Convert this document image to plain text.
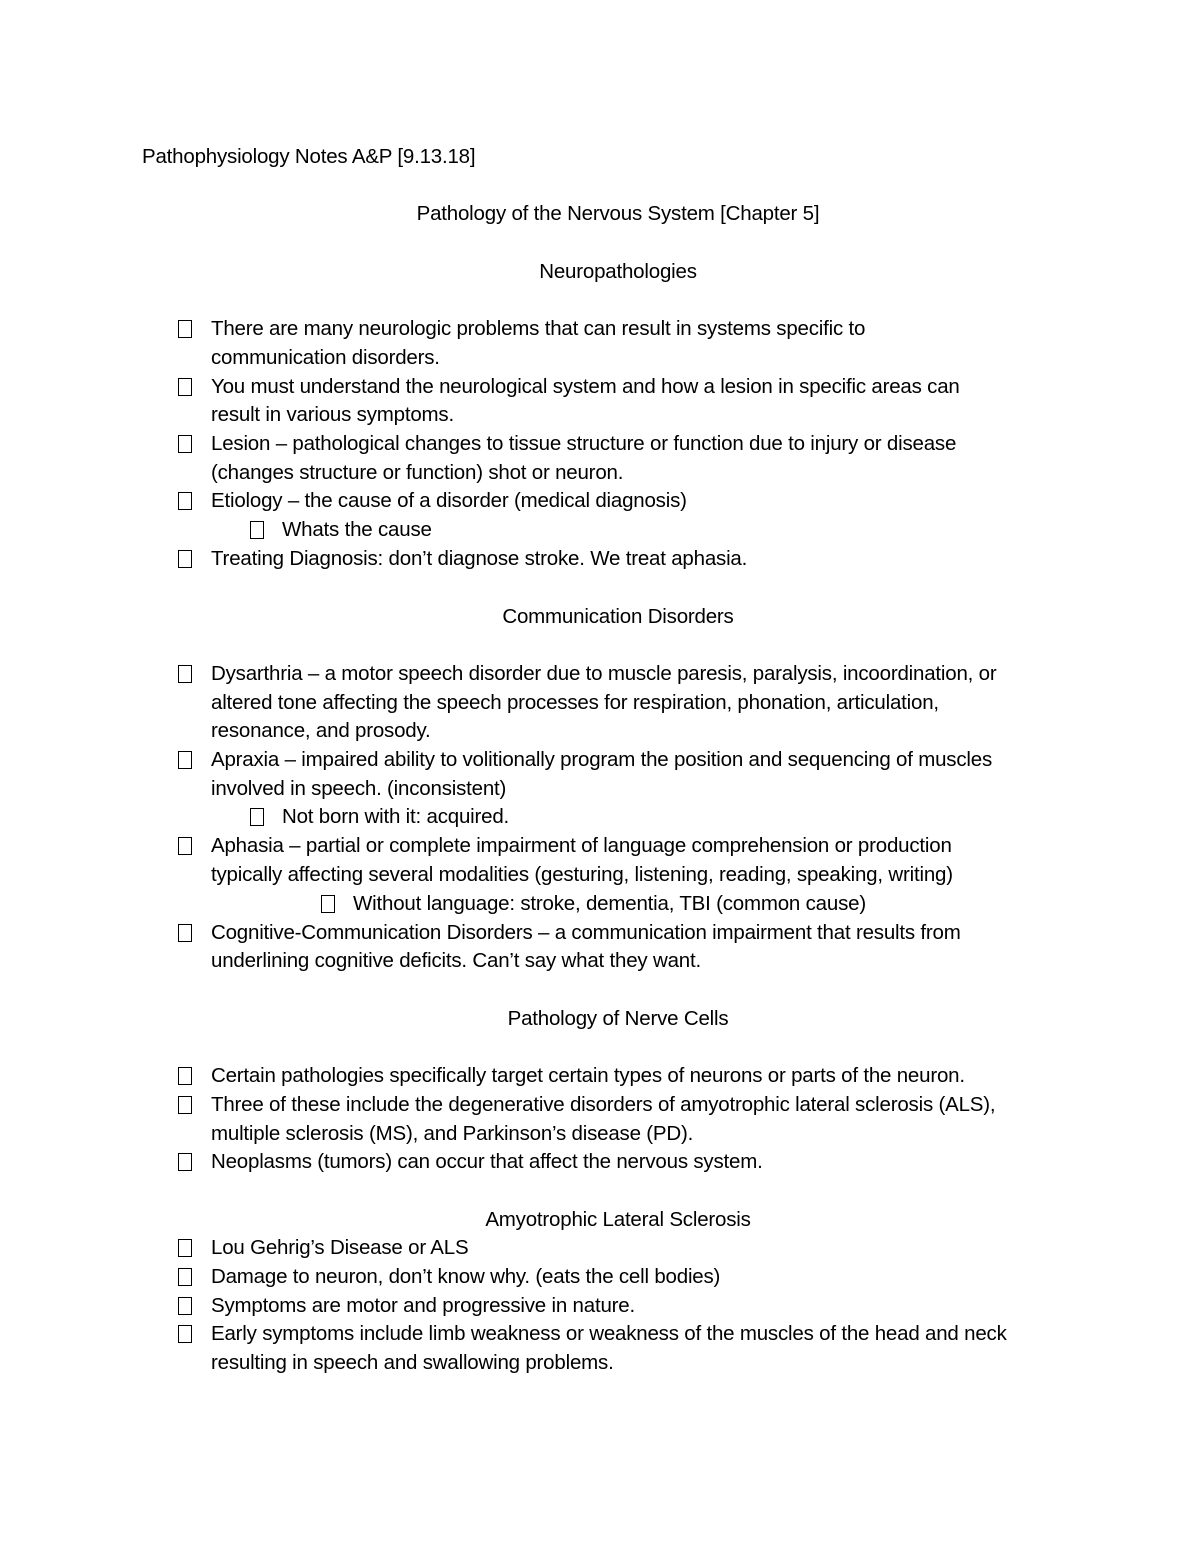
Pathophysiology Notes A&P [9.13.18]
Pathology of the Nervous System [Chapter 5]
Neuropathologies
There are many neurologic problems that can result in systems specific to
communication disorders.
You must understand the neurological system and how a lesion in specific areas can
result in various symptoms.
Lesion – pathological changes to tissue structure or function due to injury or disease
(changes structure or function) shot or neuron.
Etiology – the cause of a disorder (medical diagnosis)
Whats the cause
Treating Diagnosis: don’t diagnose stroke. We treat aphasia.
Communication Disorders
Dysarthria – a motor speech disorder due to muscle paresis, paralysis, incoordination, or
altered tone affecting the speech processes for respiration, phonation, articulation,
resonance, and prosody.
Apraxia – impaired ability to volitionally program the position and sequencing of muscles
involved in speech. (inconsistent)
Not born with it: acquired.
Aphasia – partial or complete impairment of language comprehension or production
typically affecting several modalities (gesturing, listening, reading, speaking, writing)
Without language: stroke, dementia, TBI (common cause)
Cognitive-Communication Disorders – a communication impairment that results from
underlining cognitive deficits. Can’t say what they want.
Pathology of Nerve Cells
Certain pathologies specifically target certain types of neurons or parts of the neuron.
Three of these include the degenerative disorders of amyotrophic lateral sclerosis (ALS),
multiple sclerosis (MS), and Parkinson’s disease (PD).
Neoplasms (tumors) can occur that affect the nervous system.
Amyotrophic Lateral Sclerosis
Lou Gehrig’s Disease or ALS
Damage to neuron, don’t know why. (eats the cell bodies)
Symptoms are motor and progressive in nature.
Early symptoms include limb weakness or weakness of the muscles of the head and neck
resulting in speech and swallowing problems.
